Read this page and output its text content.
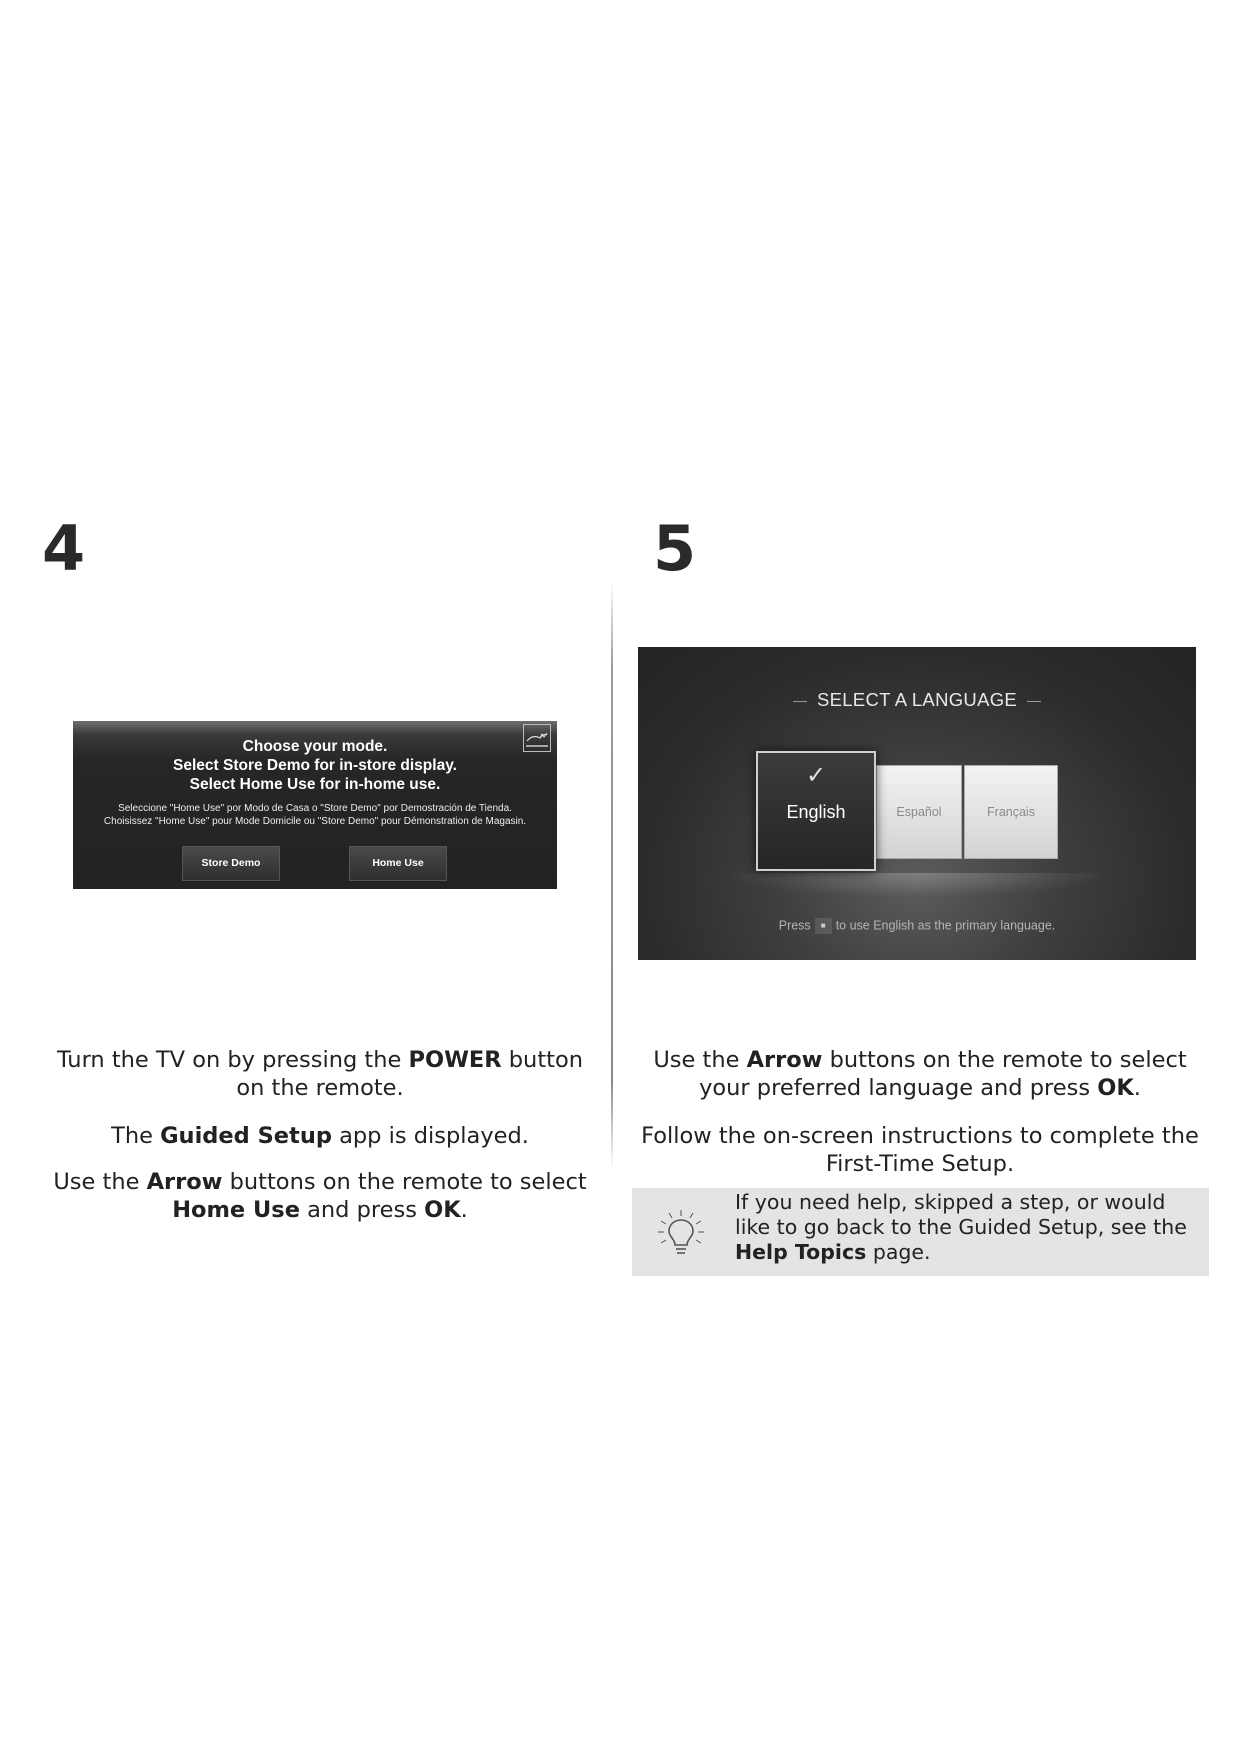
4	5
Choose your mode.
Select Store Demo for in-store display.
Select Home Use for in-home use.
Seleccione "Home Use" por Modo de Casa o "Store Demo" por Demostración de Tienda.
Choisissez "Home Use" pour Mode Domicile ou "Store Demo" pour Démonstration de Magasin.
Store Demo	Home Use
SELECT A LANGUAGE
Español	Français
✓
English
Press ■ to use English as the primary language.

Turn the TV on by pressing the POWER button on the remote.

The Guided Setup app is displayed.

Use the Arrow buttons on the remote to select Home Use and press OK.

Use the Arrow buttons on the remote to select your preferred language and press OK.

Follow the on-screen instructions to complete the First-Time Setup.

If you need help, skipped a step, or would like to go back to the Guided Setup, see the Help Topics page.
